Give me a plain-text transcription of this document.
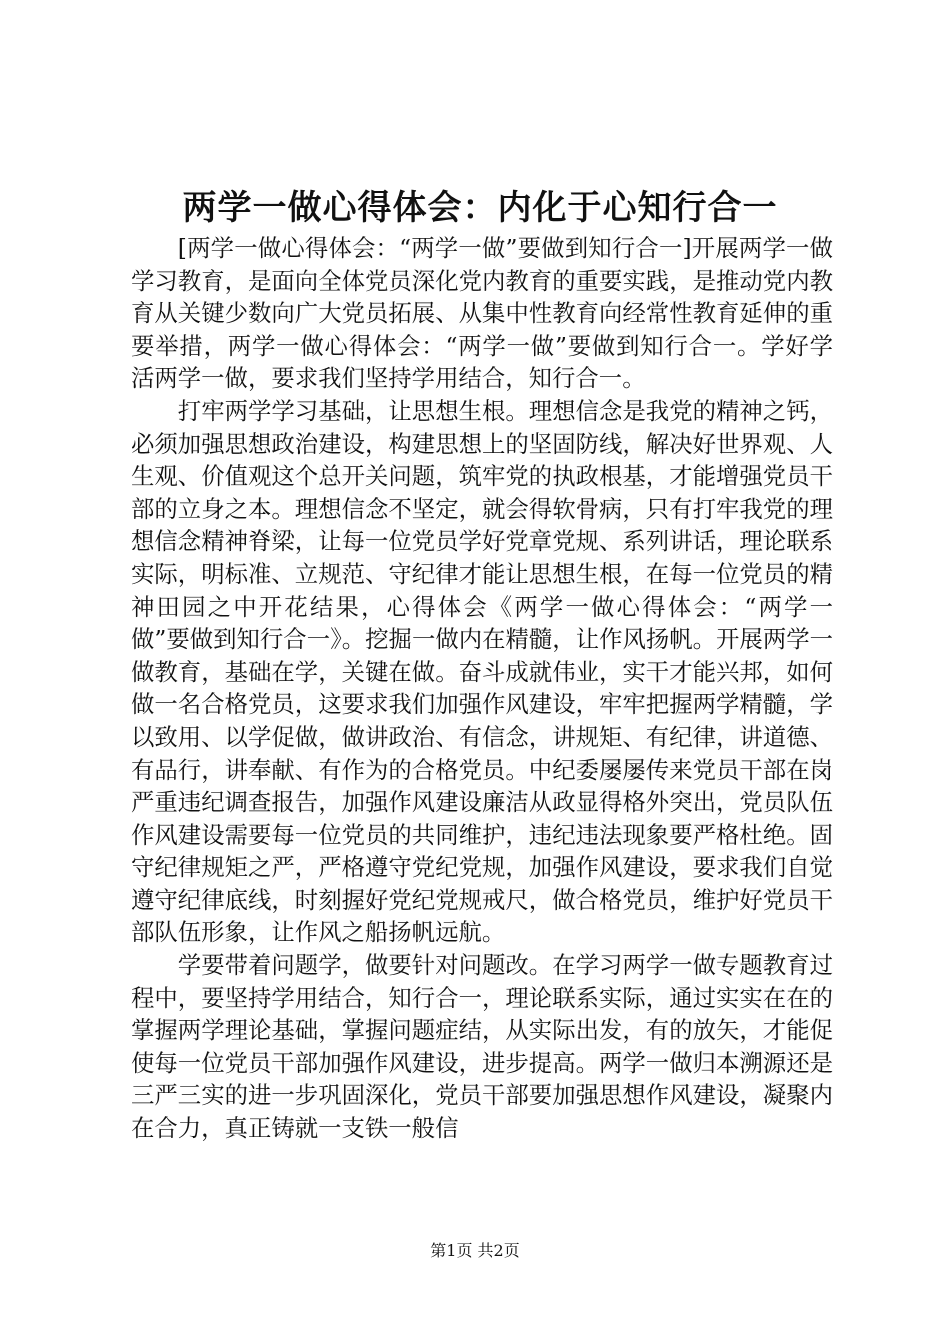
两学一做心得体会：内化于心知行合一

[两学一做心得体会：“两学一做”要做到知行合一]开展两学一做学习教育，是面向全体党员深化党内教育的重要实践，是推动党内教育从关键少数向广大党员拓展、从集中性教育向经常性教育延伸的重要举措，两学一做心得体会：“两学一做”要做到知行合一。学好学活两学一做，要求我们坚持学用结合，知行合一。

打牢两学学习基础，让思想生根。理想信念是我党的精神之钙，必须加强思想政治建设，构建思想上的坚固防线，解决好世界观、人生观、价值观这个总开关问题，筑牢党的执政根基，才能增强党员干部的立身之本。理想信念不坚定，就会得软骨病，只有打牢我党的理想信念精神脊梁，让每一位党员学好党章党规、系列讲话，理论联系实际，明标准、立规范、守纪律才能让思想生根，在每一位党员的精神田园之中开花结果，心得体会《两学一做心得体会：“两学一做”要做到知行合一》。挖掘一做内在精髓，让作风扬帆。开展两学一做教育，基础在学，关键在做。奋斗成就伟业，实干才能兴邦，如何做一名合格党员，这要求我们加强作风建设，牢牢把握两学精髓，学以致用、以学促做，做讲政治、有信念，讲规矩、有纪律，讲道德、有品行，讲奉献、有作为的合格党员。中纪委屡屡传来党员干部在岗严重违纪调查报告，加强作风建设廉洁从政显得格外突出，党员队伍作风建设需要每一位党员的共同维护，违纪违法现象要严格杜绝。固守纪律规矩之严，严格遵守党纪党规，加强作风建设，要求我们自觉遵守纪律底线，时刻握好党纪党规戒尺，做合格党员，维护好党员干部队伍形象，让作风之船扬帆远航。

学要带着问题学，做要针对问题改。在学习两学一做专题教育过程中，要坚持学用结合，知行合一，理论联系实际，通过实实在在的掌握两学理论基础，掌握问题症结，从实际出发，有的放矢，才能促使每一位党员干部加强作风建设，进步提高。两学一做归本溯源还是三严三实的进一步巩固深化，党员干部要加强思想作风建设，凝聚内在合力，真正铸就一支铁一般信

第1页 共2页
